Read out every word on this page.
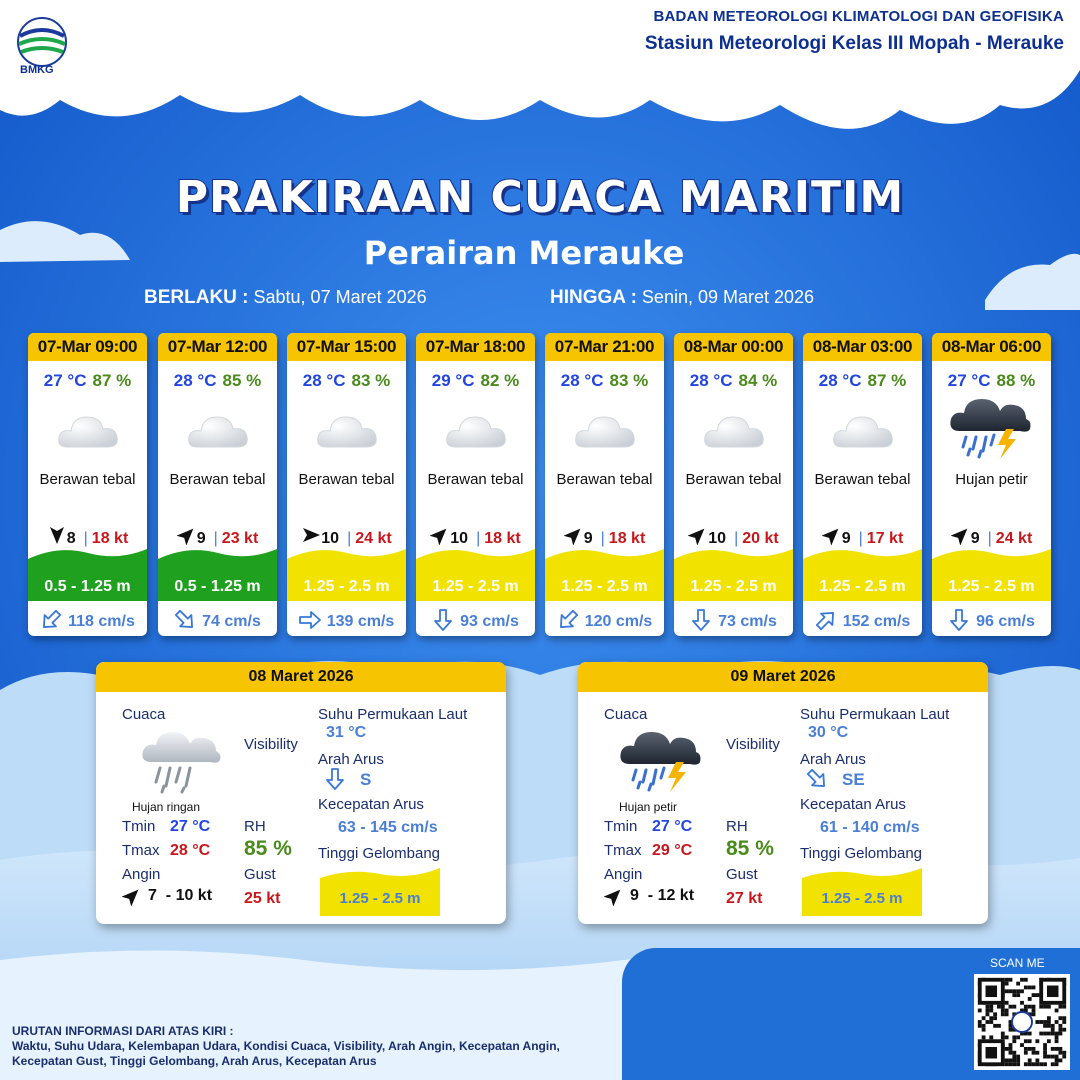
BMKG
BADAN METEOROLOGI KLIMATOLOGI DAN GEOFISIKA
Stasiun Meteorologi Kelas III Mopah - Merauke
PRAKIRAAN CUACA MARITIM
Perairan Merauke
BERLAKU : Sabtu, 07 Maret 2026	HINGGA : Senin, 09 Maret 2026
07-Mar 09:00
27 °C 87 %
Berawan tebal
8 | 18 kt
0.5 - 1.25 m
118 cm/s
07-Mar 12:00
28 °C 85 %
Berawan tebal
9 | 23 kt
0.5 - 1.25 m
74 cm/s
07-Mar 15:00
28 °C 83 %
Berawan tebal
10 | 24 kt
1.25 - 2.5 m
139 cm/s
07-Mar 18:00
29 °C 82 %
Berawan tebal
10 | 18 kt
1.25 - 2.5 m
93 cm/s
07-Mar 21:00
28 °C 83 %
Berawan tebal
9 | 18 kt
1.25 - 2.5 m
120 cm/s
08-Mar 00:00
28 °C 84 %
Berawan tebal
10 | 20 kt
1.25 - 2.5 m
73 cm/s
08-Mar 03:00
28 °C 87 %
Berawan tebal
9 | 17 kt
1.25 - 2.5 m
152 cm/s
08-Mar 06:00
27 °C 88 %
Hujan petir
9 | 24 kt
1.25 - 2.5 m
96 cm/s
08 Maret 2026
Cuaca
Hujan ringan
Visibility
Suhu Permukaan Laut
31 °C
Arah Arus
S
Kecepatan Arus
63 - 145 cm/s
Tinggi Gelombang
1.25 - 2.5 m
Tmin 27 °C
Tmax 28 °C
Angin
7  - 10 kt
RH
85 %
Gust
25 kt
09 Maret 2026
Cuaca
Hujan petir
Visibility
Suhu Permukaan Laut
30 °C
Arah Arus
SE
Kecepatan Arus
61 - 140 cm/s
Tinggi Gelombang
1.25 - 2.5 m
Tmin 27 °C
Tmax 29 °C
Angin
9  - 12 kt
RH
85 %
Gust
27 kt
SCAN ME
URUTAN INFORMASI DARI ATAS KIRI :
Waktu, Suhu Udara, Kelembapan Udara, Kondisi Cuaca, Visibility, Arah Angin, Kecepatan Angin, Kecepatan Gust, Tinggi Gelombang, Arah Arus, Kecepatan Arus
